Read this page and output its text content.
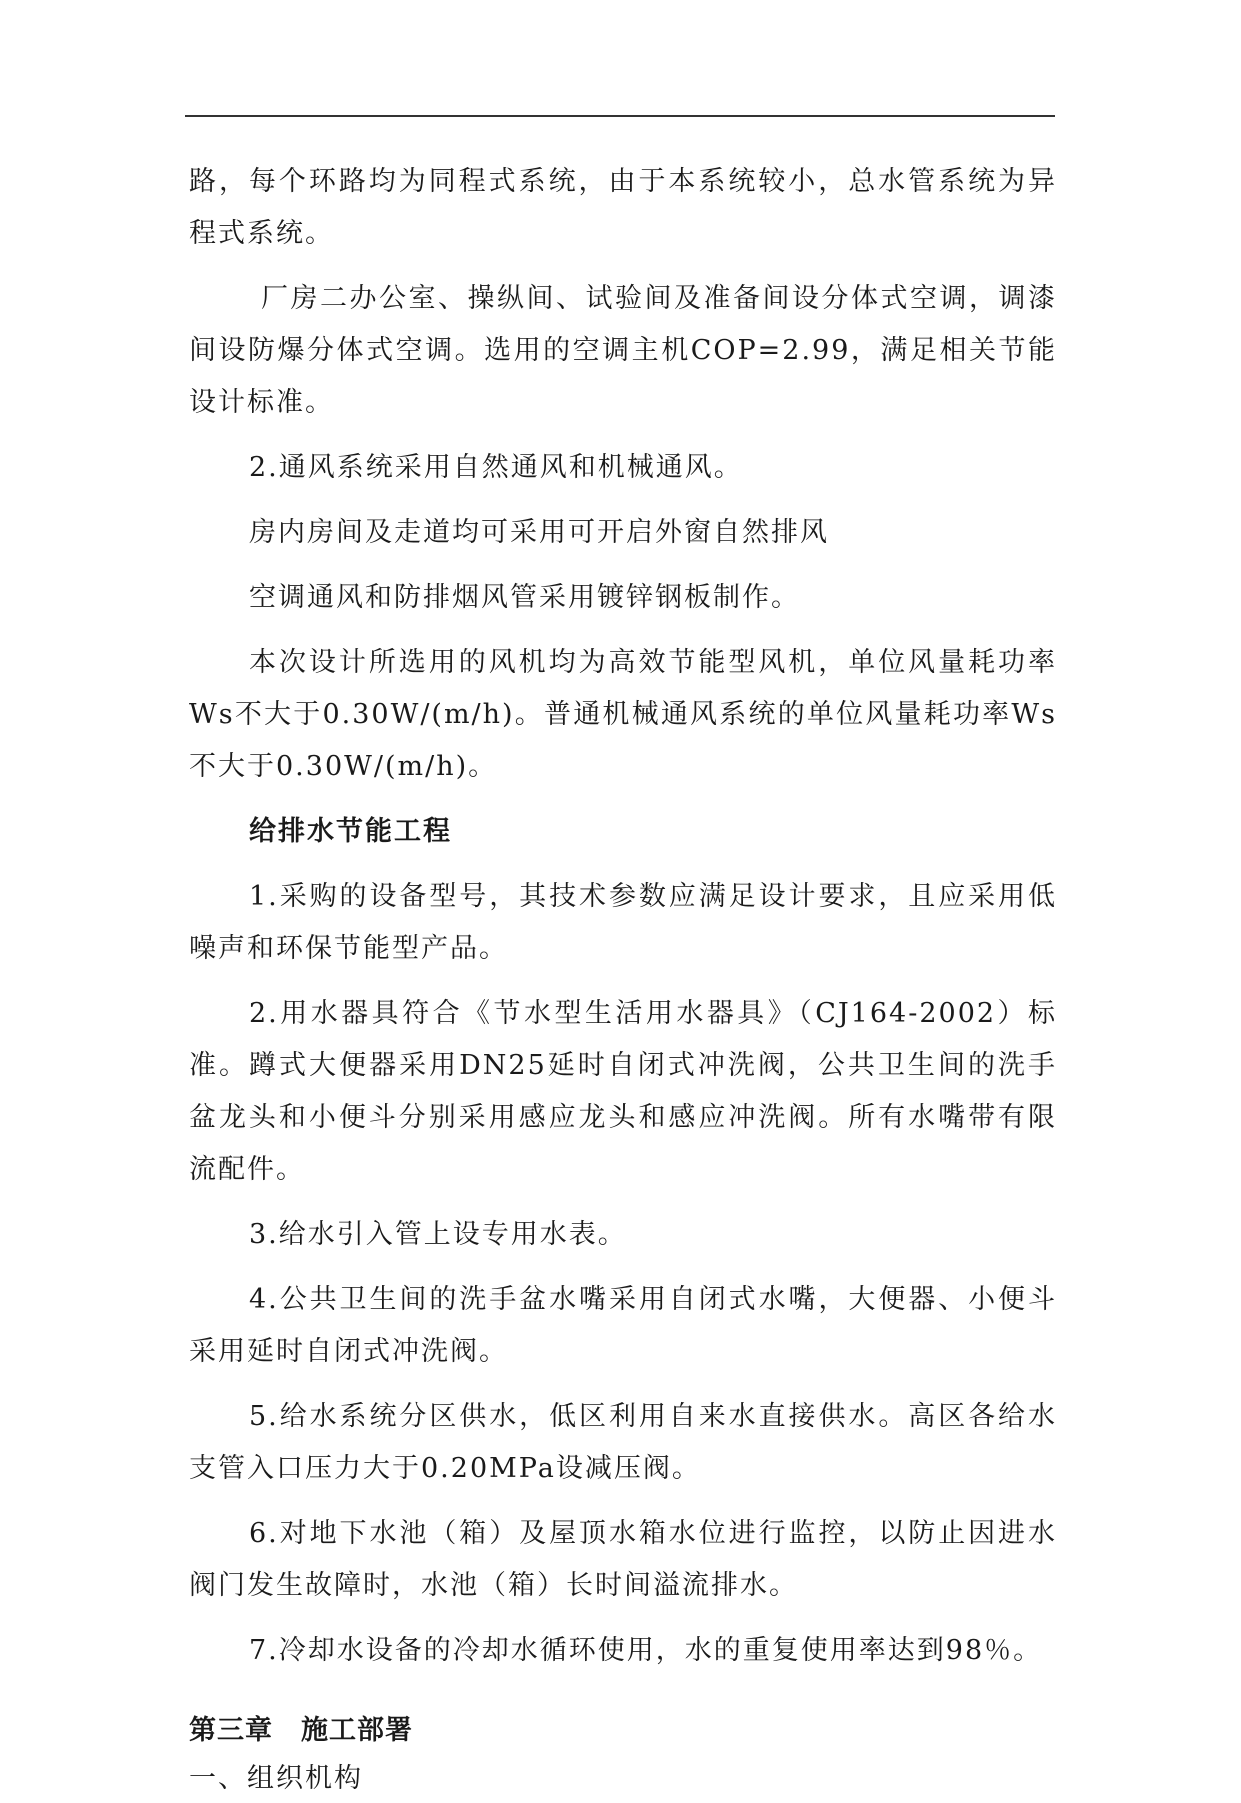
路，每个环路均为同程式系统，由于本系统较小，总水管系统为异程式系统。

厂房二办公室、操纵间、试验间及准备间设分体式空调，调漆间设防爆分体式空调。选用的空调主机COP=2.99，满足相关节能设计标准。

2.通风系统采用自然通风和机械通风。

房内房间及走道均可采用可开启外窗自然排风

空调通风和防排烟风管采用镀锌钢板制作。

本次设计所选用的风机均为高效节能型风机，单位风量耗功率Ws不大于0.30W/(m/h)。普通机械通风系统的单位风量耗功率Ws不大于0.30W/(m/h)。

给排水节能工程

1.采购的设备型号，其技术参数应满足设计要求，且应采用低噪声和环保节能型产品。

2.用水器具符合《节水型生活用水器具》（CJ164-2002）标准。蹲式大便器采用DN25延时自闭式冲洗阀，公共卫生间的洗手盆龙头和小便斗分别采用感应龙头和感应冲洗阀。所有水嘴带有限流配件。

3.给水引入管上设专用水表。

4.公共卫生间的洗手盆水嘴采用自闭式水嘴，大便器、小便斗采用延时自闭式冲洗阀。

5.给水系统分区供水，低区利用自来水直接供水。高区各给水支管入口压力大于0.20MPa设减压阀。

6.对地下水池（箱）及屋顶水箱水位进行监控，以防止因进水阀门发生故障时，水池（箱）长时间溢流排水。

7.冷却水设备的冷却水循环使用，水的重复使用率达到98％。

第三章　施工部署

一、组织机构
